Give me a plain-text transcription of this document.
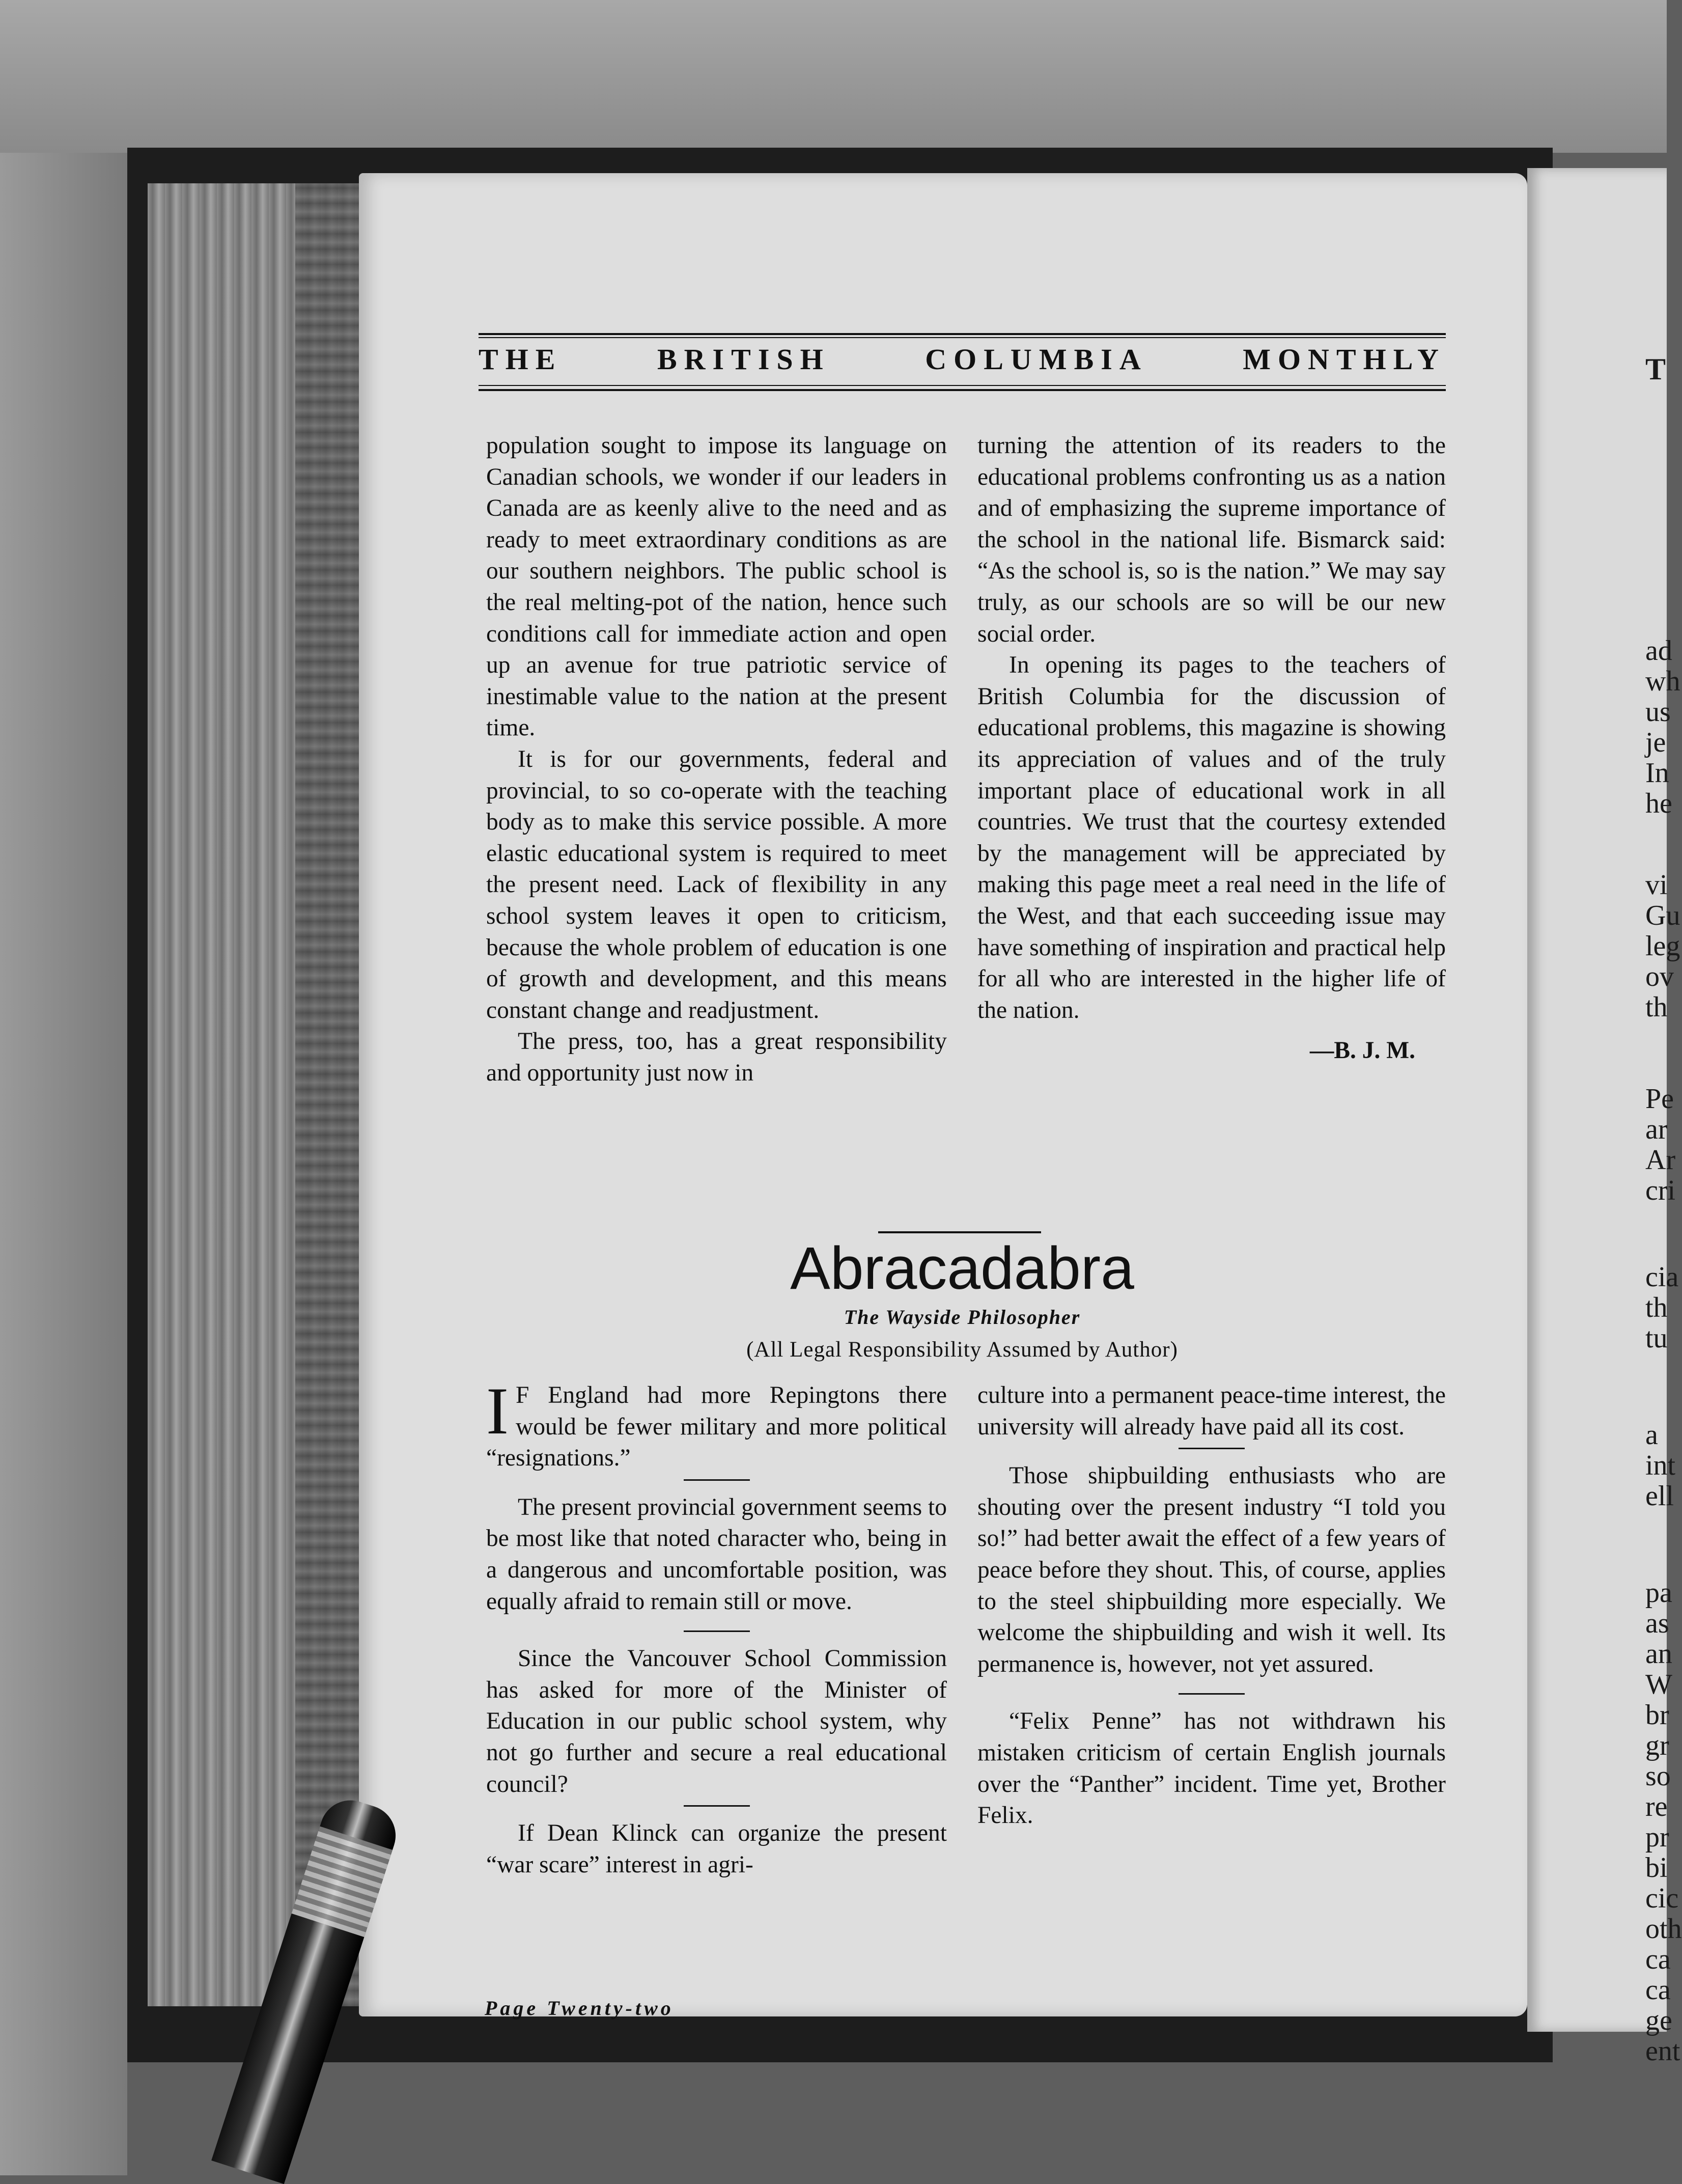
T
ad
wh
us
je
In
he
vi
Gu
leg
ov
th
Pe
ar
Ar
cri
cia
th
tu
a
int
ell
pa
as
an
W
br
gr
so
re
pr
bi
cic
oth
ca
ca
ge
ent
THE	BRITISH	COLUMBIA	MONTHLY

population sought to impose its language on Canadian schools, we wonder if our leaders in Canada are as keenly alive to the need and as ready to meet extraordinary conditions as are our southern neighbors. The public school is the real melting-pot of the nation, hence such conditions call for immediate action and open up an avenue for true patriotic service of inestimable value to the nation at the present time.

It is for our governments, federal and provincial, to so co-operate with the teaching body as to make this service possible. A more elastic educational system is required to meet the present need. Lack of flexibility in any school system leaves it open to criticism, because the whole problem of education is one of growth and development, and this means constant change and readjustment.

The press, too, has a great responsibility and opportunity just now in

turning the attention of its readers to the educational problems confronting us as a nation and of emphasizing the supreme importance of the school in the national life. Bismarck said: “As the school is, so is the nation.” We may say truly, as our schools are so will be our new social order.

In opening its pages to the teachers of British Columbia for the discussion of educational problems, this magazine is showing its appreciation of values and of the truly important place of educational work in all countries. We trust that the courtesy extended by the management will be appreciated by making this page meet a real need in the life of the West, and that each succeeding issue may have something of inspiration and practical help for all who are interested in the higher life of the nation.

—B. J. M.

Abracadabra
The Wayside Philosopher
(All Legal Responsibility Assumed by Author)

I F England had more Repingtons there would be fewer military and more political “resignations.”

The present provincial government seems to be most like that noted character who, being in a dangerous and uncomfortable position, was equally afraid to remain still or move.

Since the Vancouver School Commission has asked for more of the Minister of Education in our public school system, why not go further and secure a real educational council?

If Dean Klinck can organize the present “war scare” interest in agri-

culture into a permanent peace-time interest, the university will already have paid all its cost.

Those shipbuilding enthusiasts who are shouting over the present industry “I told you so!” had better await the effect of a few years of peace before they shout. This, of course, applies to the steel shipbuilding more especially. We welcome the shipbuilding and wish it well. Its permanence is, however, not yet assured.

“Felix Penne” has not withdrawn his mistaken criticism of certain English journals over the “Panther” incident. Time yet, Brother Felix.

Page Twenty-two
